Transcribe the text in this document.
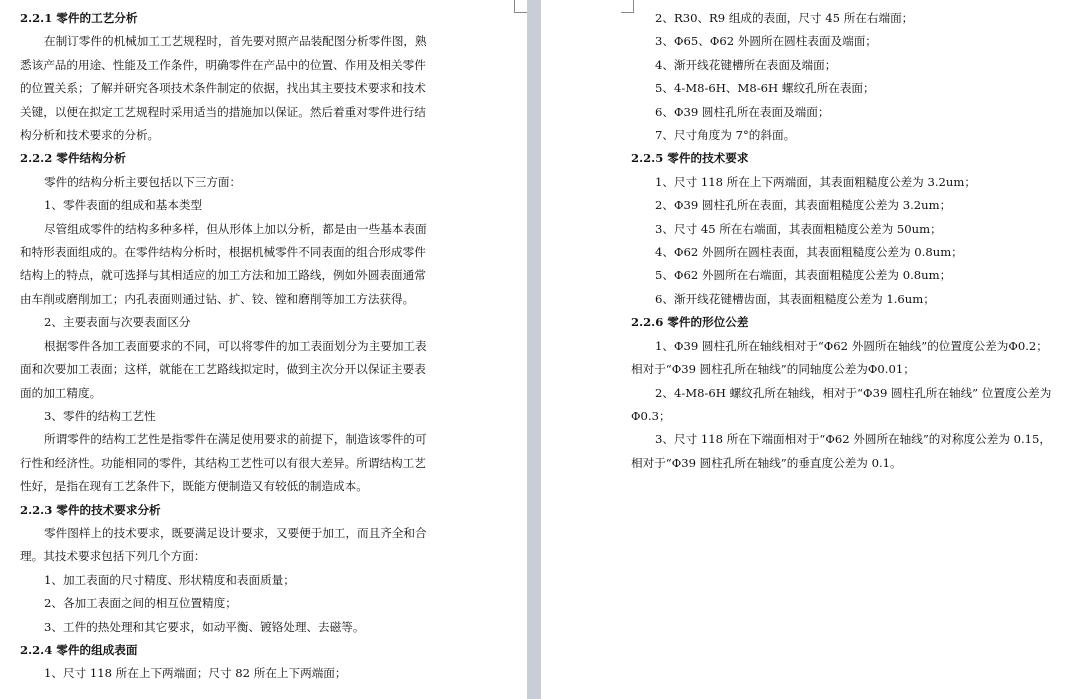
2.2.1 零件的工艺分析
在制订零件的机械加工工艺规程时，首先要对照产品装配图分析零件图，熟
悉该产品的用途、性能及工作条件，明确零件在产品中的位置、作用及相关零件
的位置关系；了解并研究各项技术条件制定的依据，找出其主要技术要求和技术
关键，以便在拟定工艺规程时采用适当的措施加以保证。然后着重对零件进行结
构分析和技术要求的分析。
2.2.2 零件结构分析
零件的结构分析主要包括以下三方面：
1、零件表面的组成和基本类型
尽管组成零件的结构多种多样，但从形体上加以分析，都是由一些基本表面
和特形表面组成的。在零件结构分析时，根据机械零件不同表面的组合形成零件
结构上的特点，就可选择与其相适应的加工方法和加工路线，例如外圆表面通常
由车削或磨削加工；内孔表面则通过钻、扩、铰、镗和磨削等加工方法获得。
2、主要表面与次要表面区分
根据零件各加工表面要求的不同，可以将零件的加工表面划分为主要加工表
面和次要加工表面；这样，就能在工艺路线拟定时，做到主次分开以保证主要表
面的加工精度。
3、零件的结构工艺性
所谓零件的结构工艺性是指零件在满足使用要求的前提下，制造该零件的可
行性和经济性。功能相同的零件，其结构工艺性可以有很大差异。所谓结构工艺
性好，是指在现有工艺条件下，既能方便制造又有较低的制造成本。
2.2.3 零件的技术要求分析
零件图样上的技术要求，既要满足设计要求，又要便于加工，而且齐全和合
理。其技术要求包括下列几个方面：
1、加工表面的尺寸精度、形状精度和表面质量；
2、各加工表面之间的相互位置精度；
3、工件的热处理和其它要求，如动平衡、镀铬处理、去磁等。
2.2.4 零件的组成表面
1、尺寸 118 所在上下两端面；尺寸 82 所在上下两端面；
2、R30、R9 组成的表面，尺寸 45 所在右端面；
3、Φ65、Φ62 外圆所在圆柱表面及端面；
4、渐开线花键槽所在表面及端面；
5、4-M8-6H、M8-6H 螺纹孔所在表面；
6、Φ39 圆柱孔所在表面及端面；
7、尺寸角度为 7°的斜面。
2.2.5 零件的技术要求
1、尺寸 118 所在上下两端面，其表面粗糙度公差为 3.2um；
2、Φ39 圆柱孔所在表面，其表面粗糙度公差为 3.2um；
3、尺寸 45 所在右端面，其表面粗糙度公差为 50um；
4、Φ62 外圆所在圆柱表面，其表面粗糙度公差为 0.8um；
5、Φ62 外圆所在右端面，其表面粗糙度公差为 0.8um；
6、渐开线花键槽齿面，其表面粗糙度公差为 1.6um；
2.2.6 零件的形位公差
1、Φ39 圆柱孔所在轴线相对于“Φ62 外圆所在轴线”的位置度公差为Φ0.2；
相对于“Φ39 圆柱孔所在轴线”的同轴度公差为Φ0.01；
2、4-M8-6H 螺纹孔所在轴线，相对于“Φ39 圆柱孔所在轴线” 位置度公差为
Φ0.3；
3、尺寸 118 所在下端面相对于“Φ62 外圆所在轴线”的对称度公差为 0.15，
相对于“Φ39 圆柱孔所在轴线”的垂直度公差为 0.1。
